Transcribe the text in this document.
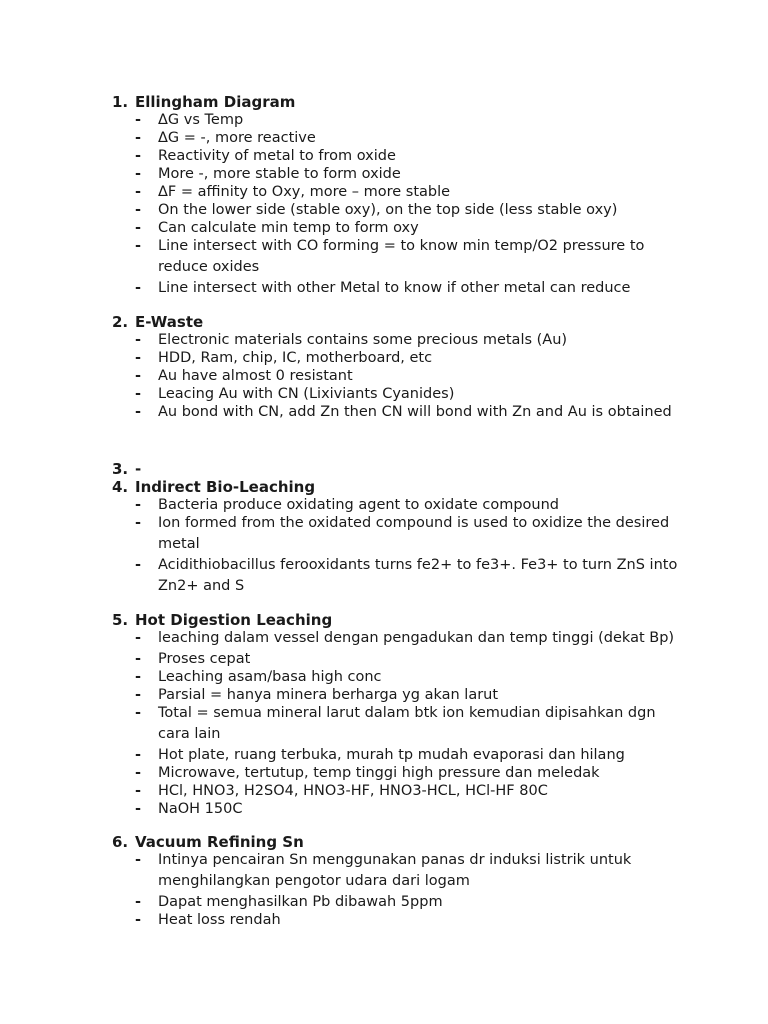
1. Ellingham Diagram
- ΔG vs Temp
- ΔG = -, more reactive
- Reactivity of metal to from oxide
- More -, more stable to form oxide
- ΔF = affinity to Oxy, more – more stable
- On the lower side (stable oxy), on the top side (less stable oxy)
- Can calculate min temp to form oxy
- Line intersect with CO forming = to know min temp/O2 pressure to reduce oxides
- Line intersect with other Metal to know if other metal can reduce
2. E-Waste
- Electronic materials contains some precious metals (Au)
- HDD, Ram, chip, IC, motherboard, etc
- Au have almost 0 resistant
- Leacing Au with CN (Lixiviants Cyanides)
- Au bond with CN, add Zn then CN will bond with Zn and Au is obtained
3. -
4. Indirect Bio-Leaching
- Bacteria produce oxidating agent to oxidate compound
- Ion formed from the oxidated compound is used to oxidize the desired metal
- Acidithiobacillus ferooxidants turns fe2+ to fe3+. Fe3+ to turn ZnS into Zn2+ and S
5. Hot Digestion Leaching
- leaching dalam vessel dengan pengadukan dan temp tinggi (dekat Bp)
- Proses cepat
- Leaching asam/basa high conc
- Parsial = hanya minera berharga yg akan larut
- Total = semua mineral larut dalam btk ion kemudian dipisahkan dgn cara lain
- Hot plate, ruang terbuka, murah tp mudah evaporasi dan hilang
- Microwave, tertutup, temp tinggi high pressure dan meledak
- HCl, HNO3, H2SO4, HNO3-HF, HNO3-HCL, HCl-HF 80C
- NaOH 150C
6. Vacuum Refining Sn
- Intinya pencairan Sn menggunakan panas dr induksi listrik untuk menghilangkan pengotor udara dari logam
- Dapat menghasilkan Pb dibawah 5ppm
- Heat loss rendah
